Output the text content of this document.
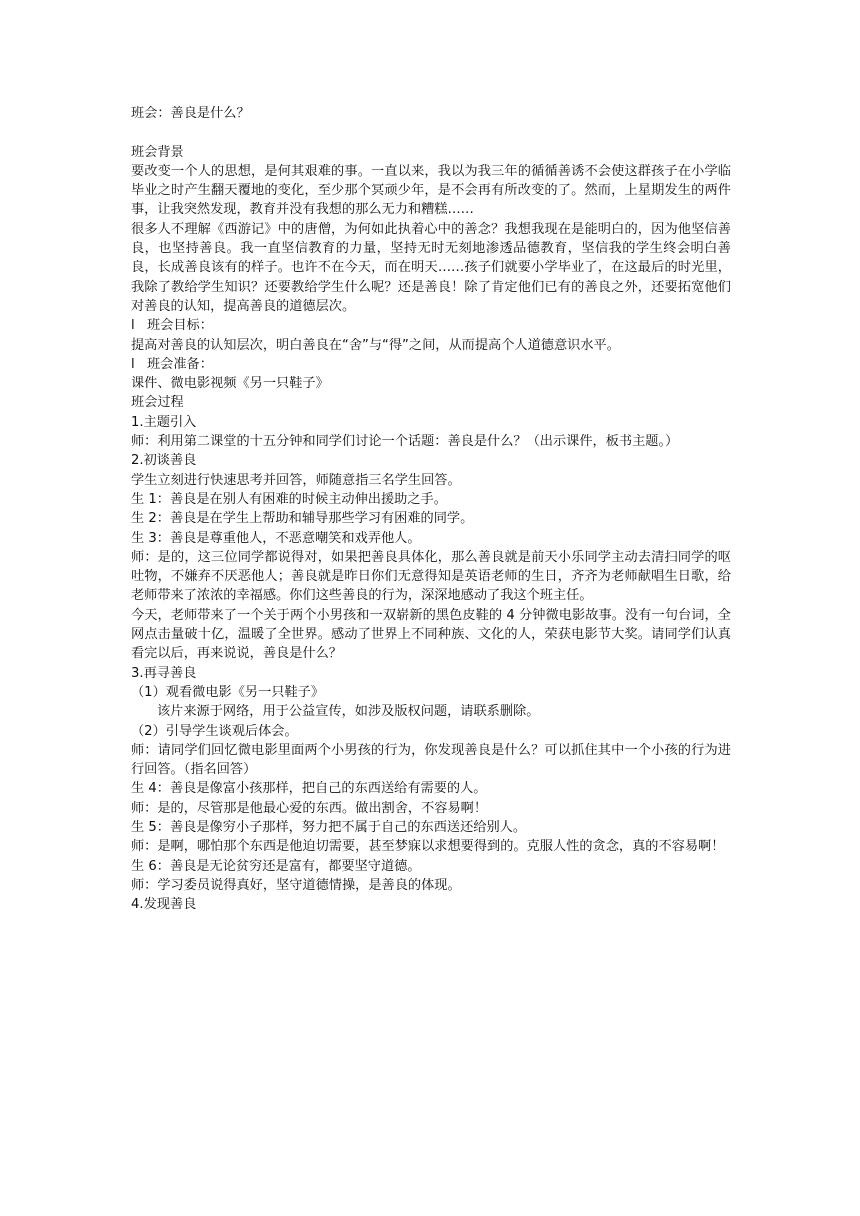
班会：善良是什么？

班会背景

要改变一个人的思想，是何其艰难的事。一直以来，我以为我三年的循循善诱不会使这群孩子在小学临毕业之时产生翻天覆地的变化，至少那个冥顽少年，是不会再有所改变的了。然而，上星期发生的两件事，让我突然发现，教育并没有我想的那么无力和糟糕……

很多人不理解《西游记》中的唐僧，为何如此执着心中的善念？我想我现在是能明白的，因为他坚信善良，也坚持善良。我一直坚信教育的力量，坚持无时无刻地渗透品德教育，坚信我的学生终会明白善良，长成善良该有的样子。也许不在今天，而在明天……孩子们就要小学毕业了，在这最后的时光里，我除了教给学生知识？还要教给学生什么呢？还是善良！除了肯定他们已有的善良之外，还要拓宽他们对善良的认知，提高善良的道德层次。

l 班会目标：

提高对善良的认知层次，明白善良在“舍”与“得”之间，从而提高个人道德意识水平。

l 班会准备：

课件、微电影视频《另一只鞋子》

班会过程

1.主题引入

师：利用第二课堂的十五分钟和同学们讨论一个话题：善良是什么？（出示课件，板书主题。）

2.初谈善良

学生立刻进行快速思考并回答，师随意指三名学生回答。

生 1：善良是在别人有困难的时候主动伸出援助之手。

生 2：善良是在学生上帮助和辅导那些学习有困难的同学。

生 3：善良是尊重他人，不恶意嘲笑和戏弄他人。

师：是的，这三位同学都说得对，如果把善良具体化，那么善良就是前天小乐同学主动去清扫同学的呕吐物，不嫌弃不厌恶他人；善良就是昨日你们无意得知是英语老师的生日，齐齐为老师献唱生日歌，给老师带来了浓浓的幸福感。你们这些善良的行为，深深地感动了我这个班主任。

今天，老师带来了一个关于两个小男孩和一双崭新的黑色皮鞋的 4 分钟微电影故事。没有一句台词，全网点击量破十亿，温暖了全世界。感动了世界上不同种族、文化的人，荣获电影节大奖。请同学们认真看完以后，再来说说，善良是什么？

3.再寻善良

（1）观看微电影《另一只鞋子》

该片来源于网络，用于公益宣传，如涉及版权问题，请联系删除。

（2）引导学生谈观后体会。

师：请同学们回忆微电影里面两个小男孩的行为，你发现善良是什么？可以抓住其中一个小孩的行为进行回答。（指名回答）

生 4：善良是像富小孩那样，把自己的东西送给有需要的人。

师：是的，尽管那是他最心爱的东西。做出割舍，不容易啊！

生 5：善良是像穷小子那样，努力把不属于自己的东西送还给别人。

师：是啊，哪怕那个东西是他迫切需要，甚至梦寐以求想要得到的。克服人性的贪念，真的不容易啊！

生 6：善良是无论贫穷还是富有，都要坚守道德。

师：学习委员说得真好，坚守道德情操，是善良的体现。

4.发现善良
